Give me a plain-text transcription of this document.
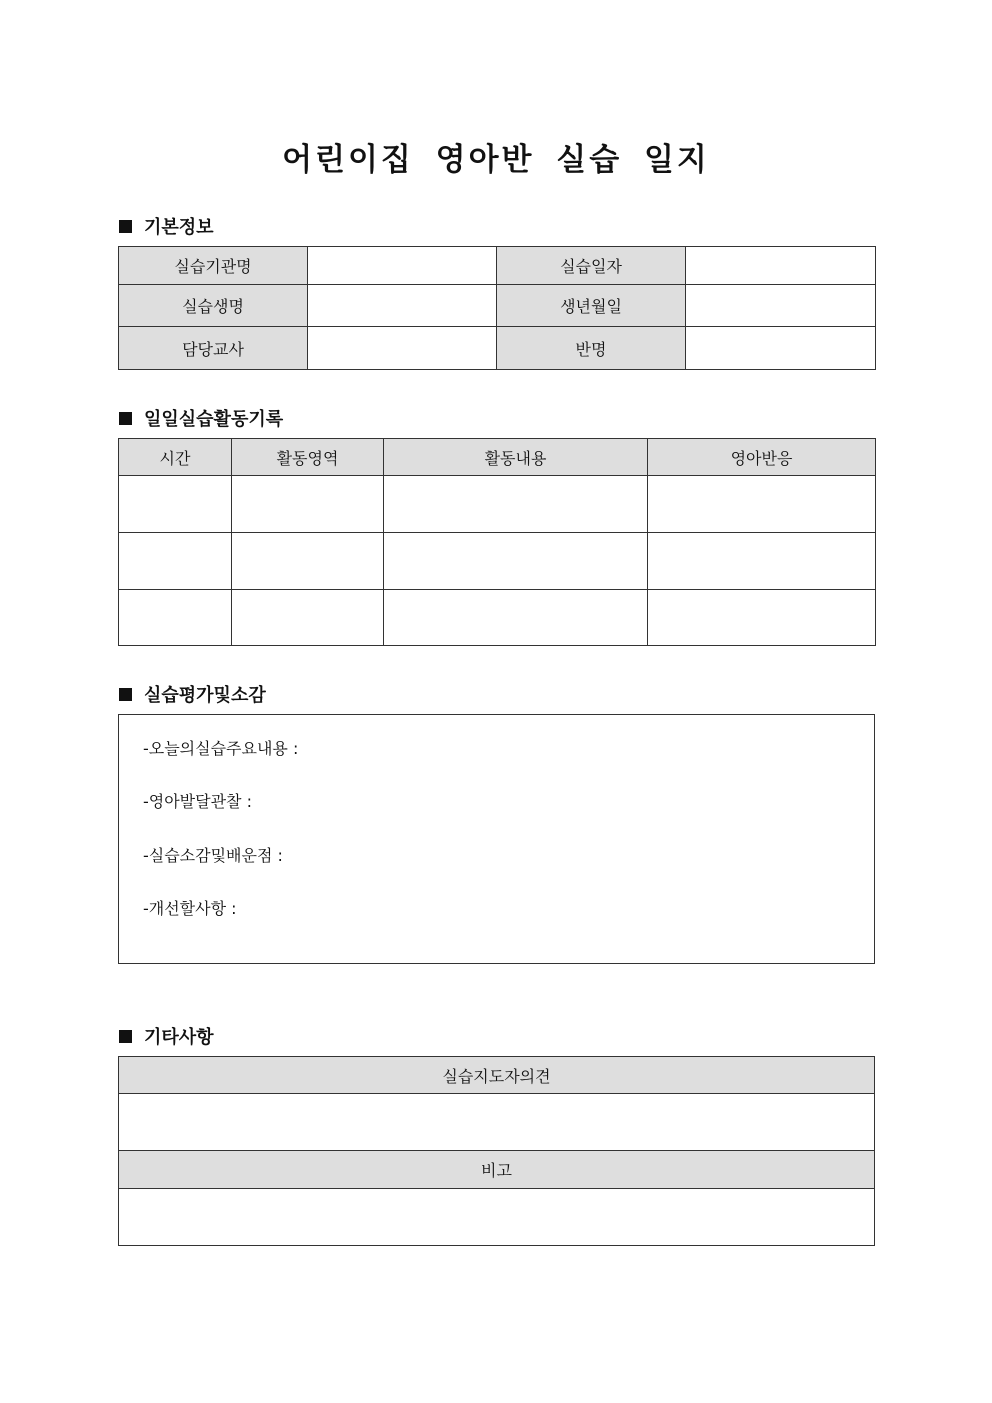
어린이집 영아반 실습 일지
기본정보
실습기관명		실습일자	
실습생명		생년월일	
담당교사		반명	
일일실습활동기록
시간	활동영역	활동내용	영아반응

실습평가및소감
-오늘의실습주요내용 :
-영아발달관찰 :
-실습소감및배운점 :
-개선할사항 :
기타사항
실습지도자의견

비고
